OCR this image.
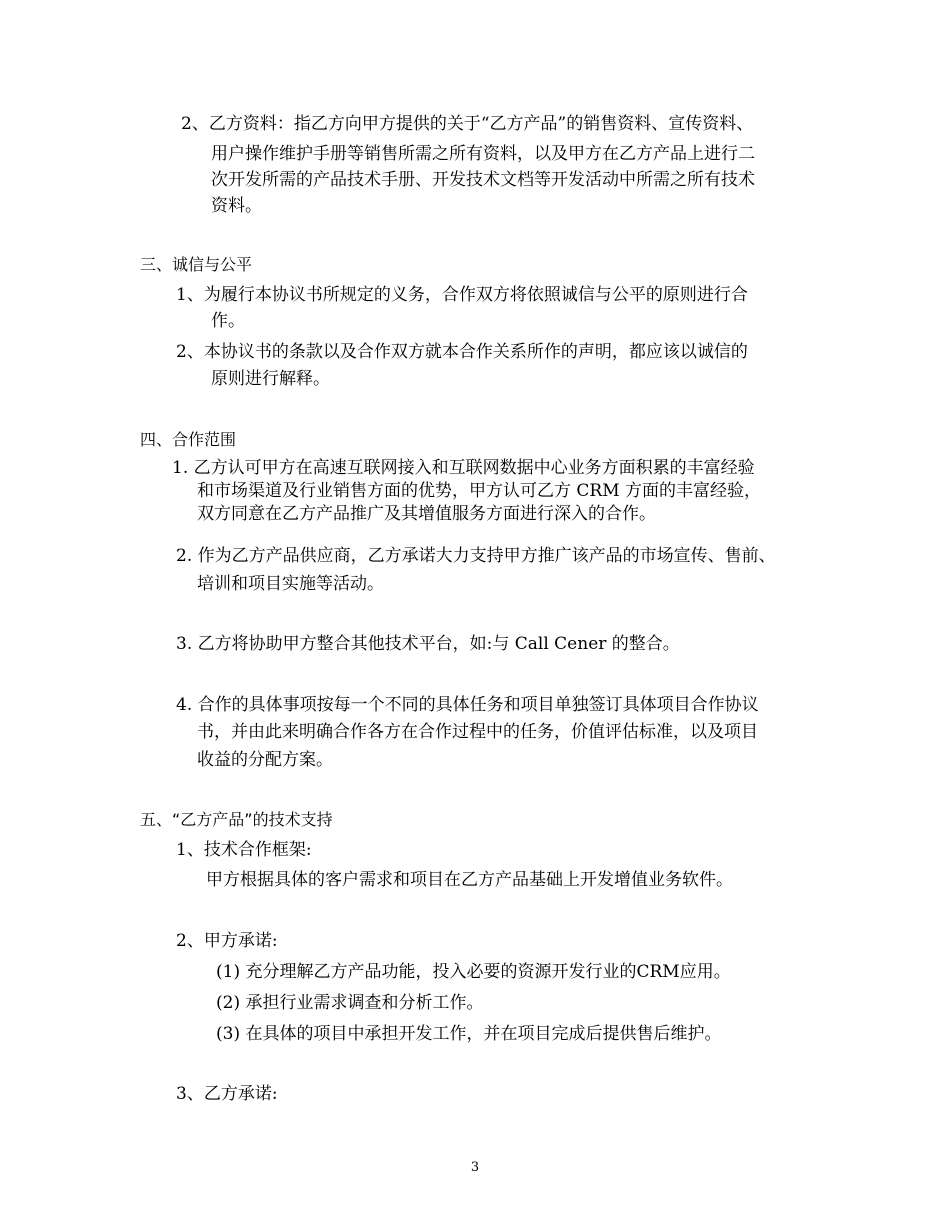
2、乙方资料：指乙方向甲方提供的关于“乙方产品”的销售资料、宣传资料、
用户操作维护手册等销售所需之所有资料，以及甲方在乙方产品上进行二
次开发所需的产品技术手册、开发技术文档等开发活动中所需之所有技术
资料。
三、诚信与公平
1、为履行本协议书所规定的义务，合作双方将依照诚信与公平的原则进行合
作。
2、本协议书的条款以及合作双方就本合作关系所作的声明，都应该以诚信的
原则进行解释。
四、合作范围
1. 乙方认可甲方在高速互联网接入和互联网数据中心业务方面积累的丰富经验
和市场渠道及行业销售方面的优势，甲方认可乙方 CRM 方面的丰富经验，
双方同意在乙方产品推广及其增值服务方面进行深入的合作。
2. 作为乙方产品供应商，乙方承诺大力支持甲方推广该产品的市场宣传、售前、
培训和项目实施等活动。
3. 乙方将协助甲方整合其他技术平台，如:与 Call Cener 的整合。
4. 合作的具体事项按每一个不同的具体任务和项目单独签订具体项目合作协议
书，并由此来明确合作各方在合作过程中的任务，价值评估标准，以及项目
收益的分配方案。
五、“乙方产品”的技术支持
1、技术合作框架:
甲方根据具体的客户需求和项目在乙方产品基础上开发增值业务软件。
2、甲方承诺:
(1) 充分理解乙方产品功能，投入必要的资源开发行业的CRM应用。
(2) 承担行业需求调查和分析工作。
(3) 在具体的项目中承担开发工作，并在项目完成后提供售后维护。
3、乙方承诺:
3
